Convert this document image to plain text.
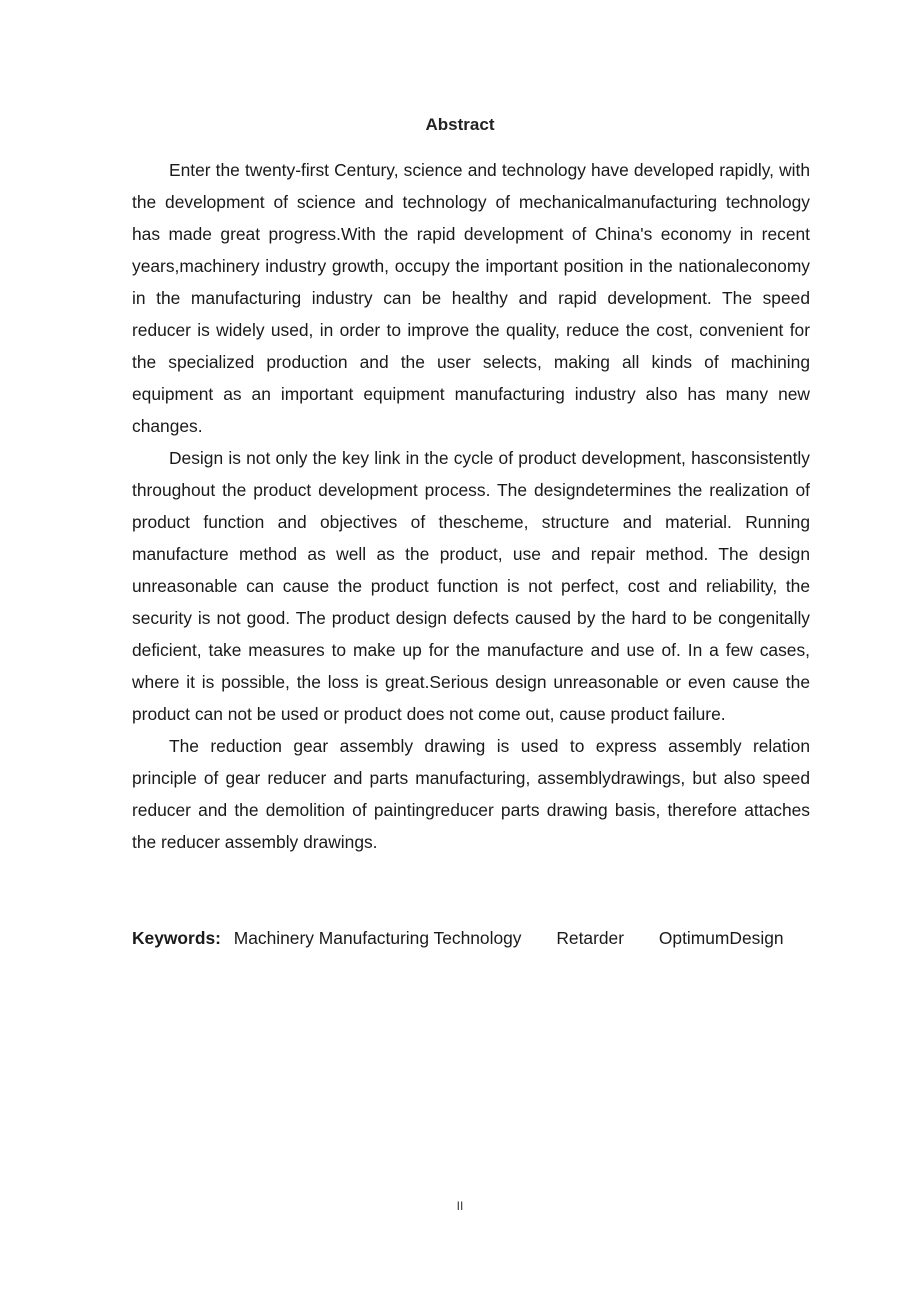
Abstract

Enter the twenty-first Century, science and technology have developed rapidly, with the development of science and technology of mechanicalmanufacturing technology has made great progress.With the rapid development of China's economy in recent years,machinery industry growth, occupy the important position in the nationaleconomy in the manufacturing industry can be healthy and rapid development. The speed reducer is widely used, in order to improve the quality, reduce the cost, convenient for the specialized production and the user selects, making all kinds of machining equipment as an important equipment manufacturing industry also has many new changes.

Design is not only the key link in the cycle of product development, hasconsistently throughout the product development process. The designdetermines the realization of product function and objectives of thescheme, structure and material. Running manufacture method as well as the product, use and repair method. The design unreasonable can cause the product function is not perfect, cost and reliability, the security is not good. The product design defects caused by the hard to be congenitally deficient, take measures to make up for the manufacture and use of. In a few cases, where it is possible, the loss is great.Serious design unreasonable or even cause the product can not be used or product does not come out, cause product failure.

The reduction gear assembly drawing is used to express assembly relation principle of gear reducer and parts manufacturing, assemblydrawings, but also speed reducer and the demolition of paintingreducer parts drawing basis, therefore attaches the reducer assembly drawings.

Keywords: Machinery Manufacturing Technology Retarder OptimumDesign
II
